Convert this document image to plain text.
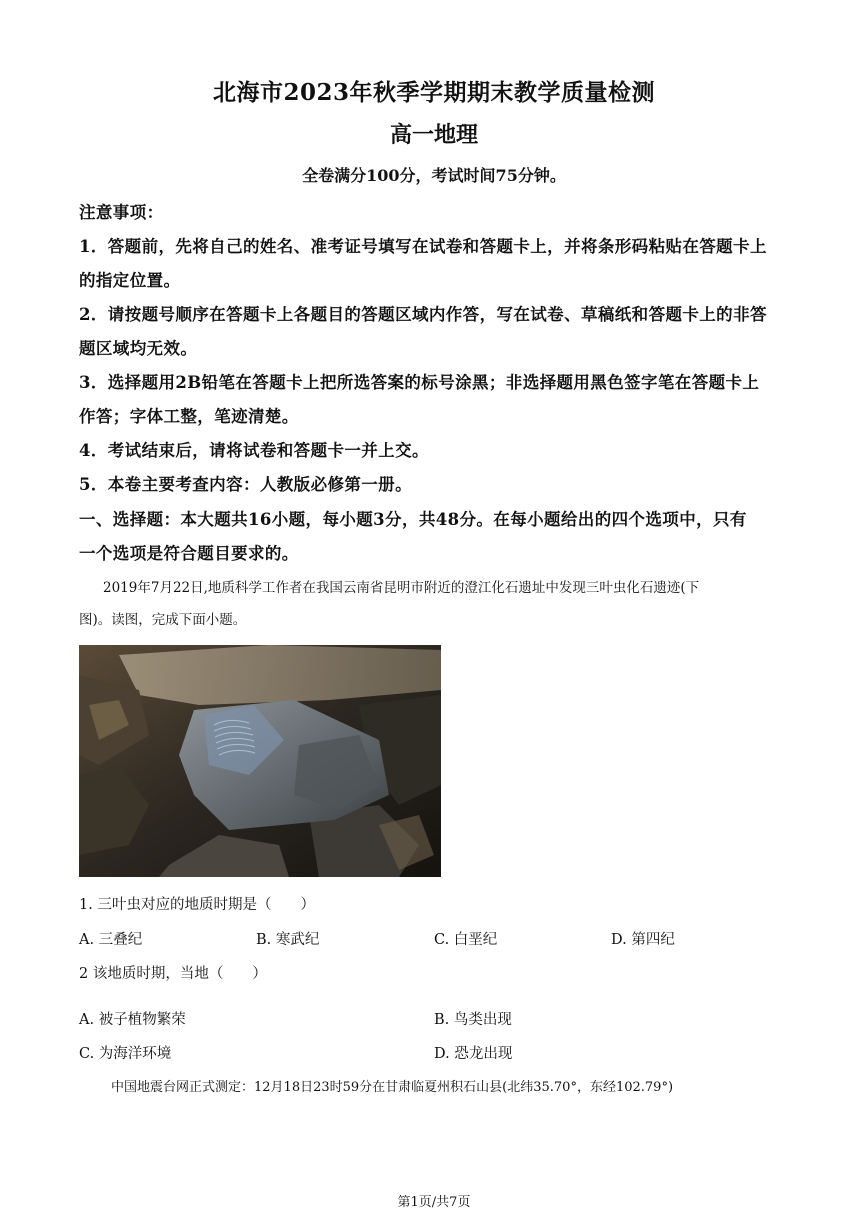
北海市2023年秋季学期期末教学质量检测
高一地理
全卷满分100分，考试时间75分钟。
注意事项：
1．答题前，先将自己的姓名、准考证号填写在试卷和答题卡上，并将条形码粘贴在答题卡上
的指定位置。
2．请按题号顺序在答题卡上各题目的答题区域内作答，写在试卷、草稿纸和答题卡上的非答
题区域均无效。
3．选择题用2B铅笔在答题卡上把所选答案的标号涂黑；非选择题用黑色签字笔在答题卡上
作答；字体工整，笔迹清楚。
4．考试结束后，请将试卷和答题卡一并上交。
5．本卷主要考查内容：人教版必修第一册。
一、选择题：本大题共16小题，每小题3分，共48分。在每小题给出的四个选项中，只有
一个选项是符合题目要求的。
2019年7月22日,地质科学工作者在我国云南省昆明市附近的澄江化石遗址中发现三叶虫化石遗迹(下
图)。读图，完成下面小题。
1. 三叶虫对应的地质时期是（　　）
A. 三叠纪	B. 寒武纪	C. 白垩纪	D. 第四纪
2 该地质时期，当地（　　）
A. 被子植物繁荣	B. 鸟类出现
C. 为海洋环境	D. 恐龙出现
中国地震台网正式测定：12月18日23时59分在甘肃临夏州积石山县(北纬35.70°，东经102.79°)
第1页/共7页
